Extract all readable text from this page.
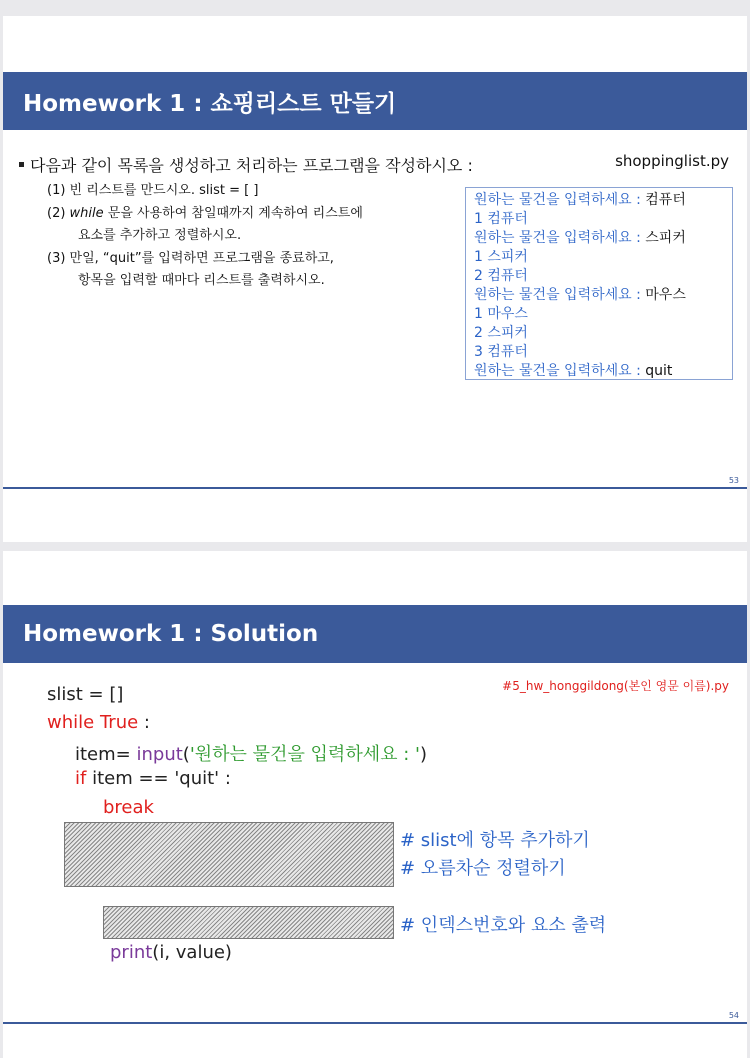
Homework 1 : 쇼핑리스트 만들기
다음과 같이 목록을 생성하고 처리하는 프로그램을 작성하시오 :	shoppinglist.py
(1) 빈 리스트를 만드시오. slist = [ ]
(2) while 문을 사용하여 참일때까지 계속하여 리스트에
요소를 추가하고 정렬하시오.
(3) 만일, “quit”를 입력하면 프로그램을 종료하고,
항목을 입력할 때마다 리스트를 출력하시오.
원하는 물건을 입력하세요 : 컴퓨터
1 컴퓨터
원하는 물건을 입력하세요 : 스피커
1 스피커
2 컴퓨터
원하는 물건을 입력하세요 : 마우스
1 마우스
2 스피커
3 컴퓨터
원하는 물건을 입력하세요 : quit
53
Homework 1 : Solution
#5_hw_honggildong(본인 영문 이름).py
slist = []
while True :
item= input('원하는 물건을 입력하세요 : ')
if item == 'quit' :
break
# slist에 항목 추가하기
# 오름차순 정렬하기
# 인덱스번호와 요소 출력
print(i, value)
54
